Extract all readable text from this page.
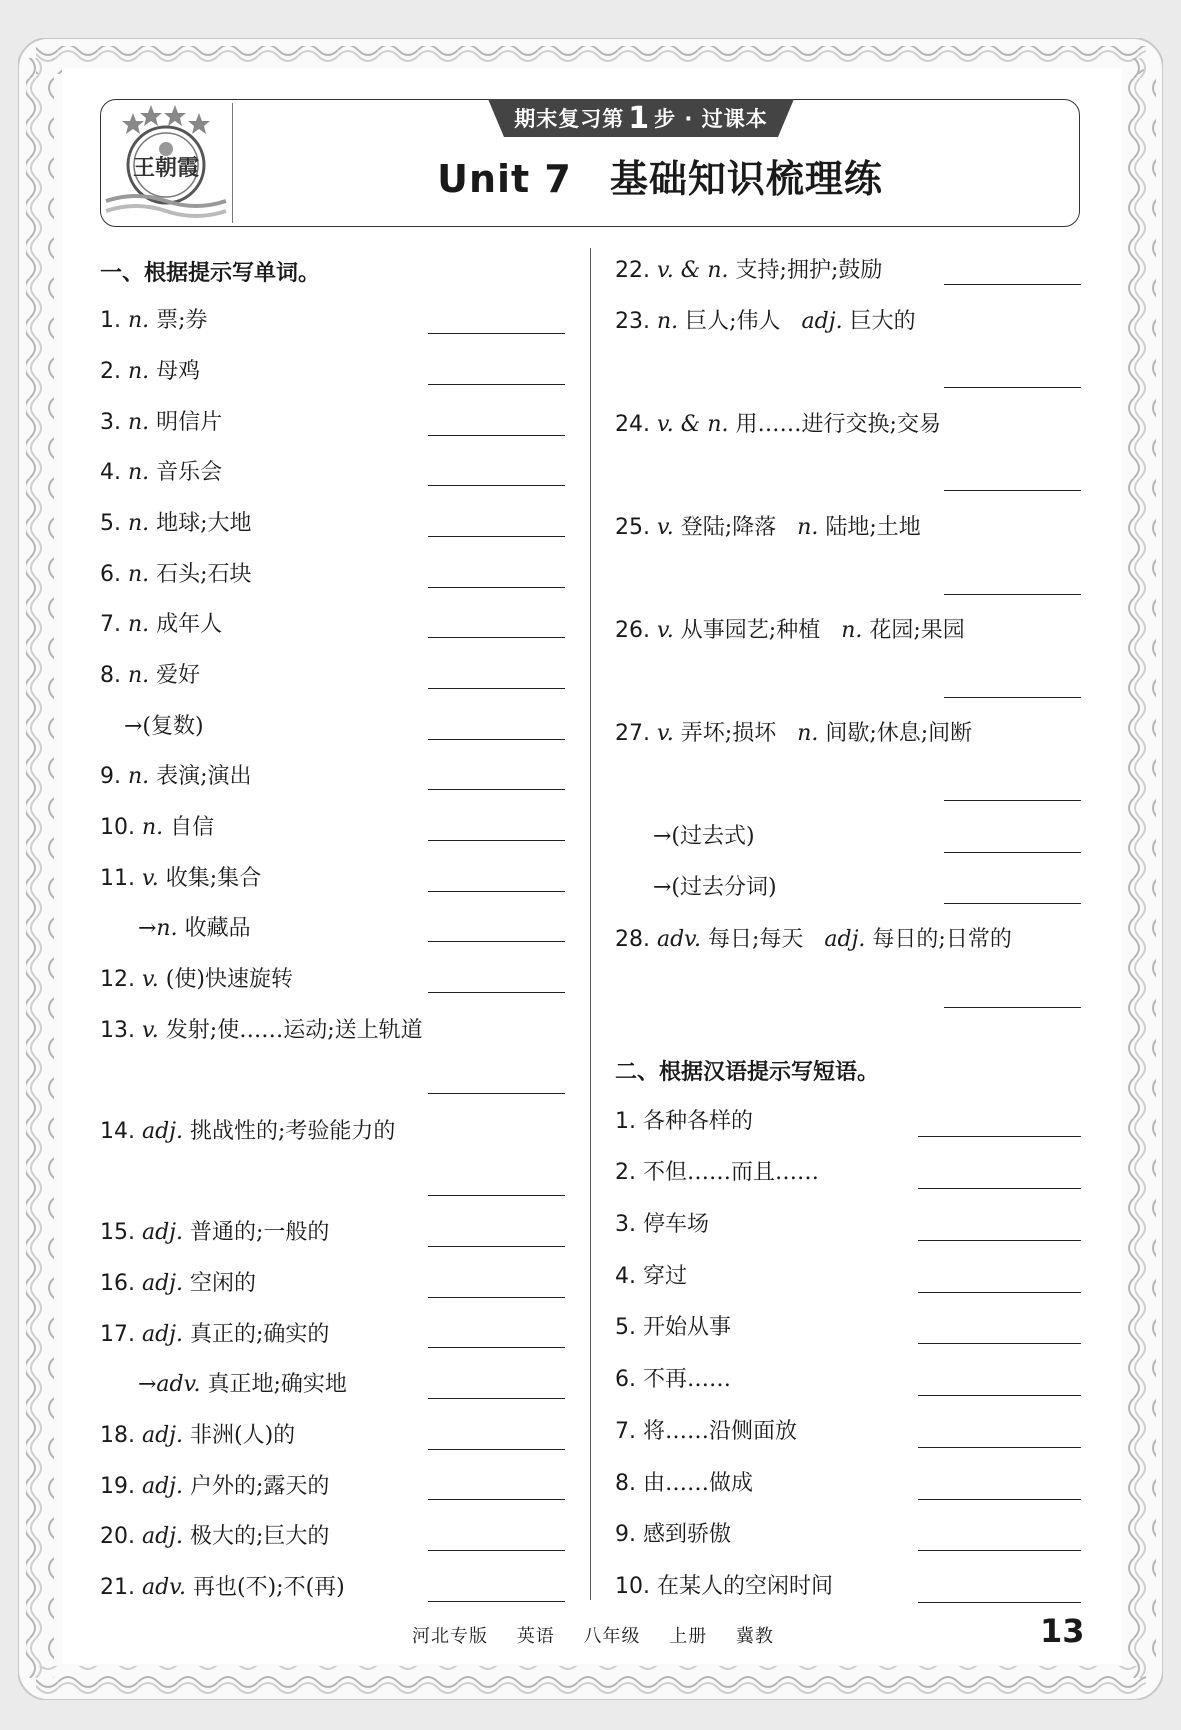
王朝霞
期末复习第 1 步 · 过课本
Unit 7 基础知识梳理练
一、根据提示写单词。
1. n. 票;券
2. n. 母鸡
3. n. 明信片
4. n. 音乐会
5. n. 地球;大地
6. n. 石头;石块
7. n. 成年人
8. n. 爱好
→(复数)
9. n. 表演;演出
10. n. 自信
11. v. 收集;集合
→n. 收藏品
12. v. (使)快速旋转
13. v. 发射;使……运动;送上轨道
14. adj. 挑战性的;考验能力的
15. adj. 普通的;一般的
16. adj. 空闲的
17. adj. 真正的;确实的
→adv. 真正地;确实地
18. adj. 非洲(人)的
19. adj. 户外的;露天的
20. adj. 极大的;巨大的
21. adv. 再也(不);不(再)
22. v. & n. 支持;拥护;鼓励
23. n. 巨人;伟人   adj. 巨大的
24. v. & n. 用……进行交换;交易
25. v. 登陆;降落   n. 陆地;土地
26. v. 从事园艺;种植   n. 花园;果园
27. v. 弄坏;损坏   n. 间歇;休息;间断
→(过去式)
→(过去分词)
28. adv. 每日;每天   adj. 每日的;日常的
二、根据汉语提示写短语。
1. 各种各样的
2. 不但……而且……
3. 停车场
4. 穿过
5. 开始从事
6. 不再……
7. 将……沿侧面放
8. 由……做成
9. 感到骄傲
10. 在某人的空闲时间
河北专版 英语 八年级 上册 冀教	13
